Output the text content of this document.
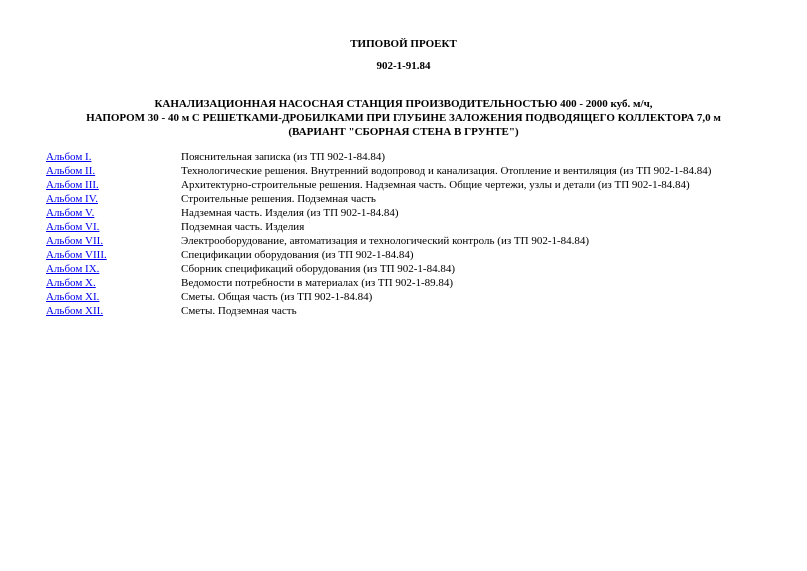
ТИПОВОЙ ПРОЕКТ
902-1-91.84
КАНАЛИЗАЦИОННАЯ НАСОСНАЯ СТАНЦИЯ ПРОИЗВОДИТЕЛЬНОСТЬЮ 400 - 2000 куб. м/ч,
НАПОРОМ 30 - 40 м С РЕШЕТКАМИ-ДРОБИЛКАМИ ПРИ ГЛУБИНЕ ЗАЛОЖЕНИЯ ПОДВОДЯЩЕГО КОЛЛЕКТОРА 7,0 м
(ВАРИАНТ "СБОРНАЯ СТЕНА В ГРУНТЕ")
Альбом I.	Пояснительная записка (из ТП 902-1-84.84)
Альбом II.	Технологические решения. Внутренний водопровод и канализация. Отопление и вентиляция (из ТП 902-1-84.84)
Альбом III.	Архитектурно-строительные решения. Надземная часть. Общие чертежи, узлы и детали (из ТП 902-1-84.84)
Альбом IV.	Строительные решения. Подземная часть
Альбом V.	Надземная часть. Изделия (из ТП 902-1-84.84)
Альбом VI.	Подземная часть. Изделия
Альбом VII.	Электрооборудование, автоматизация и технологический контроль (из ТП 902-1-84.84)
Альбом VIII.	Спецификации оборудования (из ТП 902-1-84.84)
Альбом IX.	Сборник спецификаций оборудования (из ТП 902-1-84.84)
Альбом X.	Ведомости потребности в материалах (из ТП 902-1-89.84)
Альбом XI.	Сметы. Общая часть (из ТП 902-1-84.84)
Альбом XII.	Сметы. Подземная часть
